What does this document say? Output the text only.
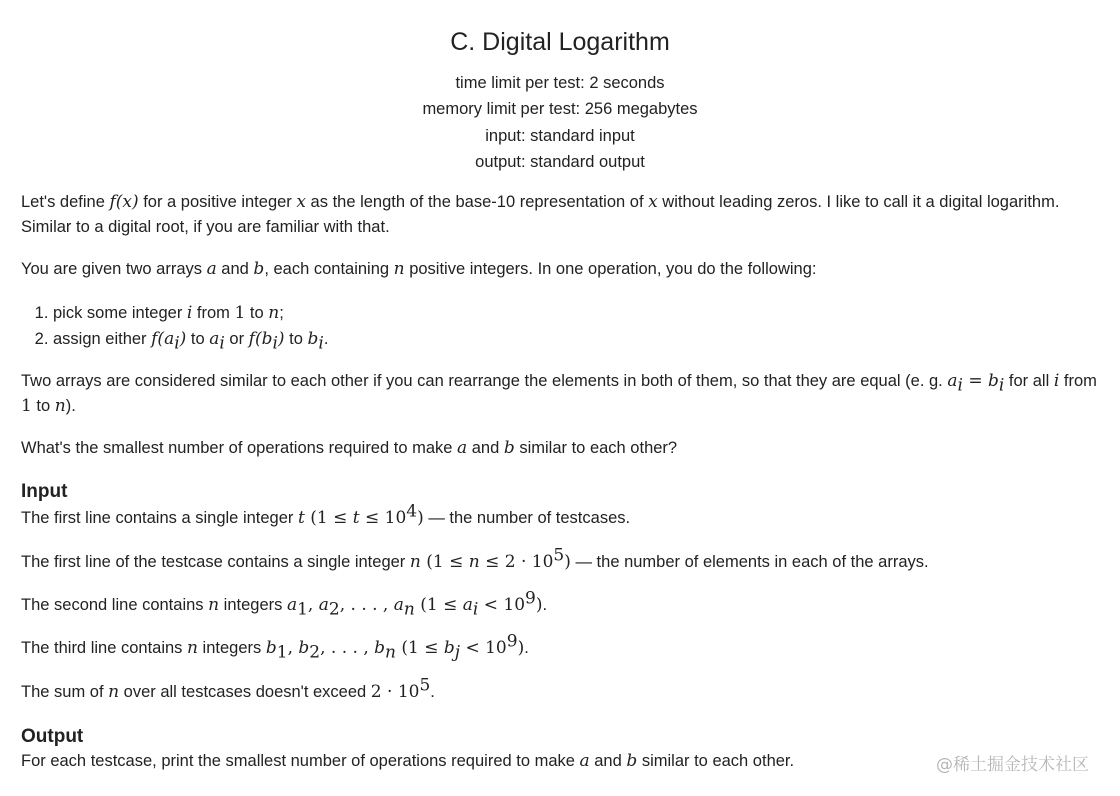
C. Digital Logarithm
time limit per test: 2 seconds
memory limit per test: 256 megabytes
input: standard input
output: standard output

Let's define f(x) for a positive integer x as the length of the base-10 representation of x without leading zeros. I like to call it a digital logarithm. Similar to a digital root, if you are familiar with that.

You are given two arrays a and b, each containing n positive integers. In one operation, you do the following:

1. pick some integer i from 1 to n;
2. assign either $f(a_i)$ to $a_i$ or $f(b_i)$ to $b_i$.

Two arrays are considered similar to each other if you can rearrange the elements in both of them, so that they are equal (e. g. $a_i = b_i$ for all i from 1 to n).

What's the smallest number of operations required to make a and b similar to each other?

Input

The first line contains a single integer t $(1 \le t \le 10^4)$ — the number of testcases.

The first line of the testcase contains a single integer n $(1 \le n \le 2 \cdot 10^5)$ — the number of elements in each of the arrays.

The second line contains n integers $a_1$, $a_2$, . . . , $a_n$ $(1 \le a_i < 10^9)$.

The third line contains n integers $b_1$, $b_2$, . . . , $b_n$ $(1 \le b_j < 10^9)$.

The sum of n over all testcases doesn't exceed $2 \cdot 10^5$.

Output

For each testcase, print the smallest number of operations required to make a and b similar to each other.	@稀土掘金技术社区
